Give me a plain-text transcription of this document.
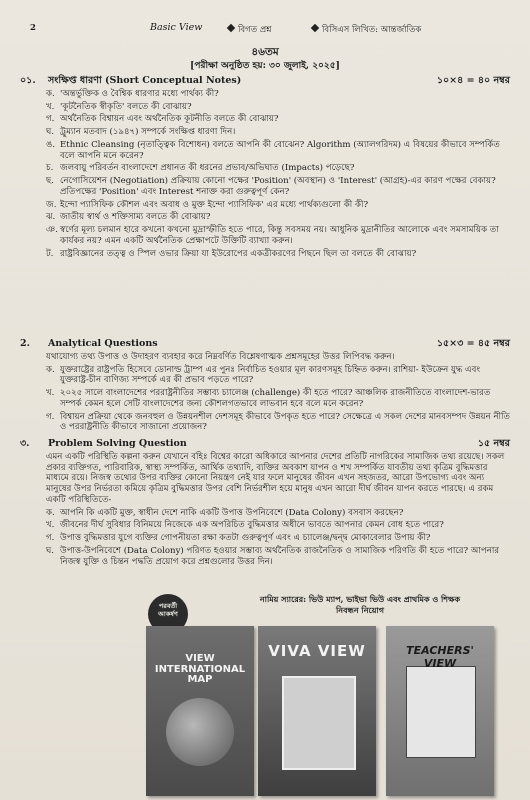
2	Basic View	বিগত প্রশ্ন	বিসিএস লিখিত: আন্তর্জাতিক
৪৬তম
[পরীক্ষা অনুষ্ঠিত হয়: ৩০ জুলাই, ২০২৫]
০১.	সংক্ষিপ্ত ধারণা (Short Conceptual Notes)	১০×৪ = ৪০ নম্বর
ক. 'অন্তর্ভুক্তিক ও বৈশ্বিক ধারণার মধ্যে পার্থক্য কী?
খ. 'কূটনৈতিক স্বীকৃতি' বলতে কী বোঝায়?
গ. অর্থনৈতিক বিশ্বায়ন এবং অর্থনৈতিক কূটনীতি বলতে কী বোঝায়?
ঘ. ট্রুম্যান মতবাদ (১৯৪৭) সম্পর্কে সংক্ষিপ্ত ধারণা দিন।
ঙ. Ethnic Cleansing (নৃতাত্ত্বিক বিশোধন) বলতে আপনি কী বোঝেন? Algorithm (অ্যালগরিদম) এ বিষয়ের কীভাবে সম্পর্কিত বলে আপনি মনে করেন?
চ. জলবায়ু পরিবর্তন বাংলাদেশে প্রধানত কী ধরনের প্রভাব/অভিঘাত (Impacts) পড়েছে?
ছ. নেগোসিয়েশন (Negotiation) প্রক্রিয়ায় কোনো পক্ষের 'Position' (অবস্থান) ও 'Interest' (আগ্রহ)-এর কারণ পক্ষের বেকায়? প্রতিপক্ষের 'Position' এবং Interest শনাক্ত করা গুরুত্বপূর্ণ কেন?
জ. ইন্দো প্যাসিফিক কৌশল এবং অবাধ ও মুক্ত ইন্দো প্যাসিফিক' এর মধ্যে পার্থক্যগুলো কী কী?
ঝ. জাতীয় স্বার্থ ও শক্তিসাম্য বলতে কী বোঝায়?
ঞ. স্বর্ণের মূল্য চলমান হারে কখনো কখনো মুদ্রাস্ফীতি হতে পারে, কিন্তু সবসময় নয়। আধুনিক মুদ্রানীতির আলোকে এবং সমসাময়িক তা কার্যকর নয়? এমন একটি অর্থনৈতিক প্রেক্ষাপটে উক্তিটি ব্যাখ্যা করুন।
ট. রাষ্ট্রবিজ্ঞানের তত্ত্ব ও স্পিল ওভার ক্রিয়া যা ইউরোপের একত্রীকরণের পিছনে ছিল তা বলতে কী বোঝায়?
2.	Analytical Questions	১৫×৩ = ৪৫ নম্বর
যথাযোগ্য তথ্য উপাত্ত ও উদাহরণ ব্যবহার করে নিম্নবর্ণিত বিশ্লেষণাত্মক প্রশ্নসমূহের উত্তর লিপিবদ্ধ করুন।
ক. যুক্তরাষ্ট্রের রাষ্ট্রপতি হিসেবে ডোনাল্ড ট্রাম্প এর পুনঃ নির্বাচিত হওয়ার মূল কারণসমূহ চিহ্নিত করুন। রাশিয়া- ইউক্রেন যুদ্ধ এবং যুক্তরাষ্ট্র-চীন বাণিজ্য সম্পর্কে এর কী প্রভাব পড়তে পারে?
খ. ২০২৫ সালে বাংলাদেশের পররাষ্ট্রনীতির সম্ভাব্য চ্যালেঞ্জ (challenge) কী হতে পারে? আঞ্চলিক রাজনীতিতে বাংলাদেশ-ভারত সম্পর্ক কেমন হলে সেটি বাংলাদেশের জন্য কৌশলগতভাবে লাভবান হবে বলে মনে করেন?
গ. বিশ্বায়ন প্রক্রিয়া থেকে জনবহুল ও উন্নয়নশীল দেশসমূহ কীভাবে উপকৃত হতে পারে? সেক্ষেত্রে এ সকল দেশের মানবসম্পদ উন্নয়ন নীতি ও পররাষ্ট্রনীতি কীভাবে সাজানো প্রয়োজন?
৩.	Problem Solving Question	১৫ নম্বর
এমন একটি পরিস্থিতি কল্পনা করুন যেখানে বহিঃ বিশ্বের কারো অধিকারে আপনার দেশের প্রতিটি নাগরিকের সামাজিক তথ্য রয়েছে। সকল প্রকার ব্যক্তিগত, পারিবারিক, স্বাস্থ্য সম্পর্কিত, আর্থিক তথ্যাদি, ব্যক্তির অবকাশ যাপন ও শখ সম্পর্কিত যাবতীয় তথ্য কৃত্রিম বুদ্ধিমত্তার মাধ্যমে রয়ে। নিজস্ব তথ্যের উপর ব্যক্তির কোনো নিয়ন্ত্রণ নেই যার ফলে মানুষের জীবন এখন সহজতর, আরো উপভোগ্য এবং অন্য মানুষের উপর নির্ভরতা কমিয়ে কৃত্রিম বুদ্ধিমত্তার উপর বেশি নির্ভরশীল হয়ে মানুষ এখন আরো দীর্ঘ জীবন যাপন করতে পারছে। এ রকম একটি পরিস্থিতিতে-
ক. আপনি কি একটি মুক্ত, স্বাধীন দেশে নাকি একটি উপাত্ত উপনিবেশে (Data Colony) বসবাস করছেন?
খ. জীবনের দীর্ঘ সুবিধার বিনিময়ে নিজেকে এক অপরিচিত বুদ্ধিমত্তার অধীনে ভাবতে আপনার কেমন বোধ হতে পারে?
গ. উপাত্ত বুদ্ধিমত্তার যুগে ব্যক্তির গোপনীয়তা রক্ষা কতটা গুরুত্বপূর্ণ এবং এ চ্যালেঞ্জ/দ্বন্দ্ব মোকাবেলার উপায় কী?
ঘ. উপাত্ত-উপনিবেশে (Data Colony) পরিণত হওয়ার সম্ভাব্য অর্থনৈতিক রাজনৈতিক ও সামাজিক পরিণতি কী হতে পারে? আপনার নিজস্ব যুক্তি ও চিন্তন পদ্ধতি প্রয়োগ করে প্রশ্নগুলোর উত্তর দিন।
পরবর্তী আকর্ষণ
নামিয় স্যারের: ভিউ ম্যাপ, ভাইভা ভিউ এবং প্রাথমিক ও শিক্ষক নিবন্ধন নিয়োগ
VIEW INTERNATIONAL MAP
VIVA VIEW	TEACHERS' VIEW
